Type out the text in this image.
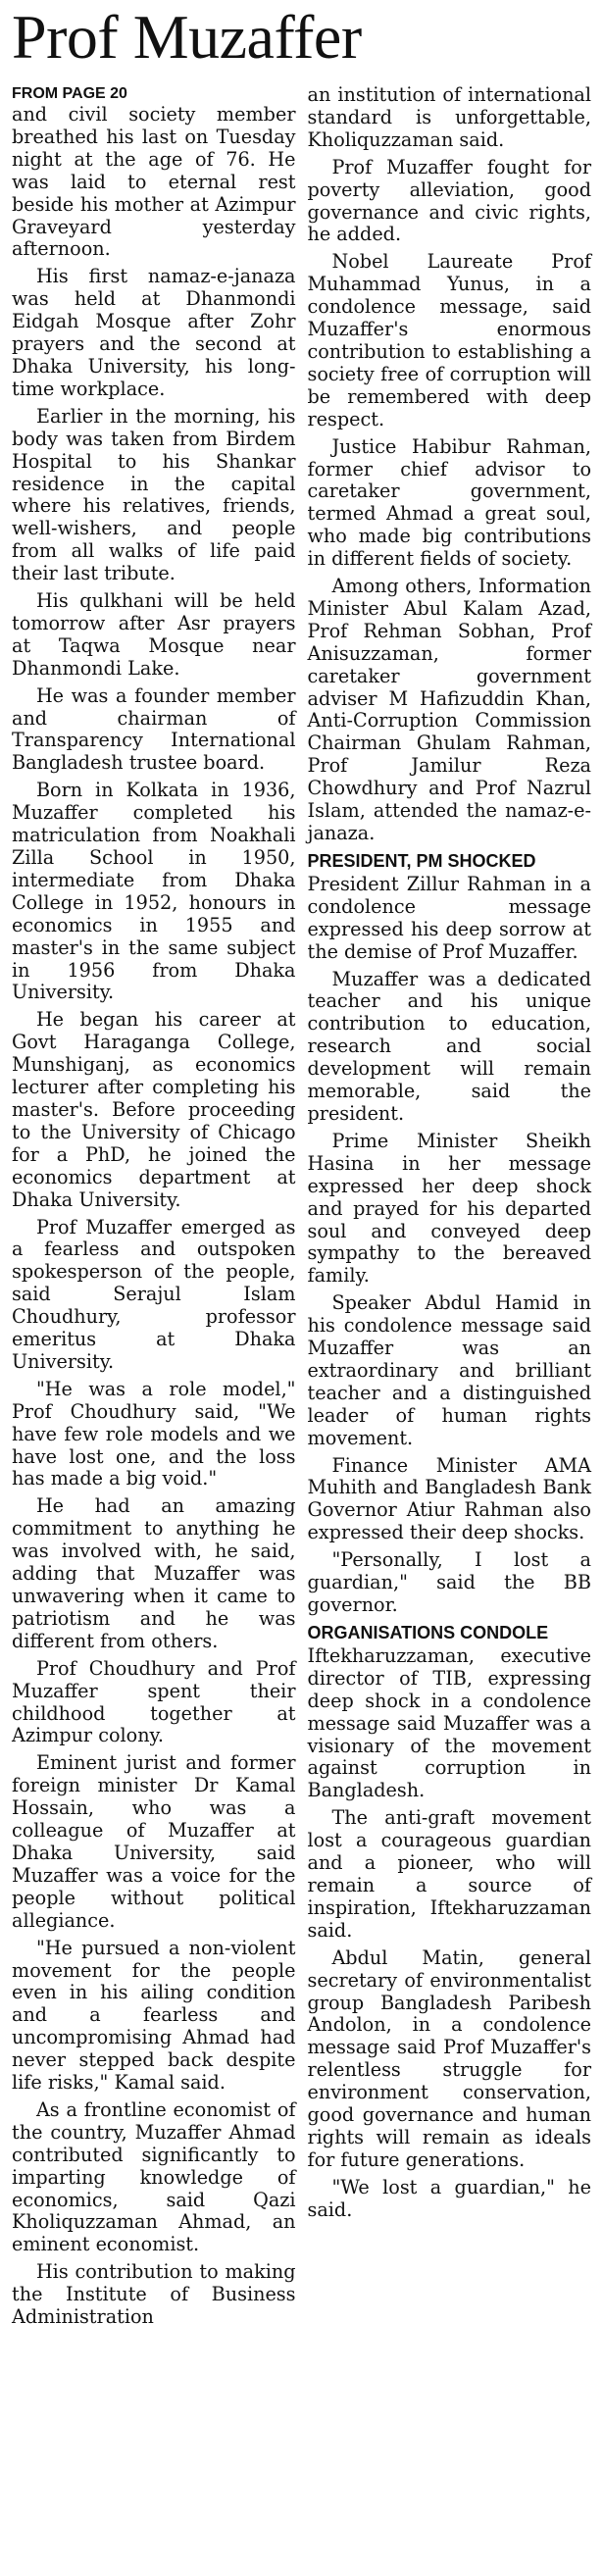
Prof Muzaffer
FROM PAGE 20

and civil society member breathed his last on Tuesday night at the age of 76. He was laid to eternal rest beside his mother at Azimpur Graveyard yesterday afternoon.

His first namaz-e-janaza was held at Dhanmondi Eidgah Mosque after Zohr prayers and the second at Dhaka University, his long-time workplace.

Earlier in the morning, his body was taken from Birdem Hospital to his Shankar residence in the capital where his relatives, friends, well-wishers, and people from all walks of life paid their last tribute.

His qulkhani will be held tomorrow after Asr prayers at Taqwa Mosque near Dhanmondi Lake.

He was a founder member and chairman of Transparency International Bangladesh trustee board.

Born in Kolkata in 1936, Muzaffer completed his matriculation from Noakhali Zilla School in 1950, intermediate from Dhaka College in 1952, honours in economics in 1955 and master's in the same subject in 1956 from Dhaka University.

He began his career at Govt Haraganga College, Munshiganj, as economics lecturer after completing his master's. Before proceeding to the University of Chicago for a PhD, he joined the economics department at Dhaka University.

Prof Muzaffer emerged as a fearless and outspoken spokesperson of the people, said Serajul Islam Choudhury, professor emeritus at Dhaka University.

"He was a role model," Prof Choudhury said, "We have few role models and we have lost one, and the loss has made a big void."

He had an amazing commitment to anything he was involved with, he said, adding that Muzaffer was unwavering when it came to patriotism and he was different from others.

Prof Choudhury and Prof Muzaffer spent their childhood together at Azimpur colony.

Eminent jurist and former foreign minister Dr Kamal Hossain, who was a colleague of Muzaffer at Dhaka University, said Muzaffer was a voice for the people without political allegiance.

"He pursued a non-violent movement for the people even in his ailing condition and a fearless and uncompromising Ahmad had never stepped back despite life risks," Kamal said.

As a frontline economist of the country, Muzaffer Ahmad contributed significantly to imparting knowledge of economics, said Qazi Kholiquzzaman Ahmad, an eminent economist.

His contribution to making the Institute of Business Administration

an institution of international standard is unforgettable, Kholiquzzaman said.

Prof Muzaffer fought for poverty alleviation, good governance and civic rights, he added.

Nobel Laureate Prof Muhammad Yunus, in a condolence message, said Muzaffer's enormous contribution to establishing a society free of corruption will be remembered with deep respect.

Justice Habibur Rahman, former chief advisor to caretaker government, termed Ahmad a great soul, who made big contributions in different fields of society.

Among others, Information Minister Abul Kalam Azad, Prof Rehman Sobhan, Prof Anisuzzaman, former caretaker government adviser M Hafizuddin Khan, Anti-Corruption Commission Chairman Ghulam Rahman, Prof Jamilur Reza Chowdhury and Prof Nazrul Islam, attended the namaz-e-janaza.

PRESIDENT, PM SHOCKED

President Zillur Rahman in a condolence message expressed his deep sorrow at the demise of Prof Muzaffer.

Muzaffer was a dedicated teacher and his unique contribution to education, research and social development will remain memorable, said the president.

Prime Minister Sheikh Hasina in her message expressed her deep shock and prayed for his departed soul and conveyed deep sympathy to the bereaved family.

Speaker Abdul Hamid in his condolence message said Muzaffer was an extraordinary and brilliant teacher and a distinguished leader of human rights movement.

Finance Minister AMA Muhith and Bangladesh Bank Governor Atiur Rahman also expressed their deep shocks.

"Personally, I lost a guardian," said the BB governor.

ORGANISATIONS CONDOLE

Iftekharuzzaman, executive director of TIB, expressing deep shock in a condolence message said Muzaffer was a visionary of the movement against corruption in Bangladesh.

The anti-graft movement lost a courageous guardian and a pioneer, who will remain a source of inspiration, Iftekharuzzaman said.

Abdul Matin, general secretary of environmentalist group Bangladesh Paribesh Andolon, in a condolence message said Prof Muzaffer's relentless struggle for environment conservation, good governance and human rights will remain as ideals for future generations.

"We lost a guardian," he said.
